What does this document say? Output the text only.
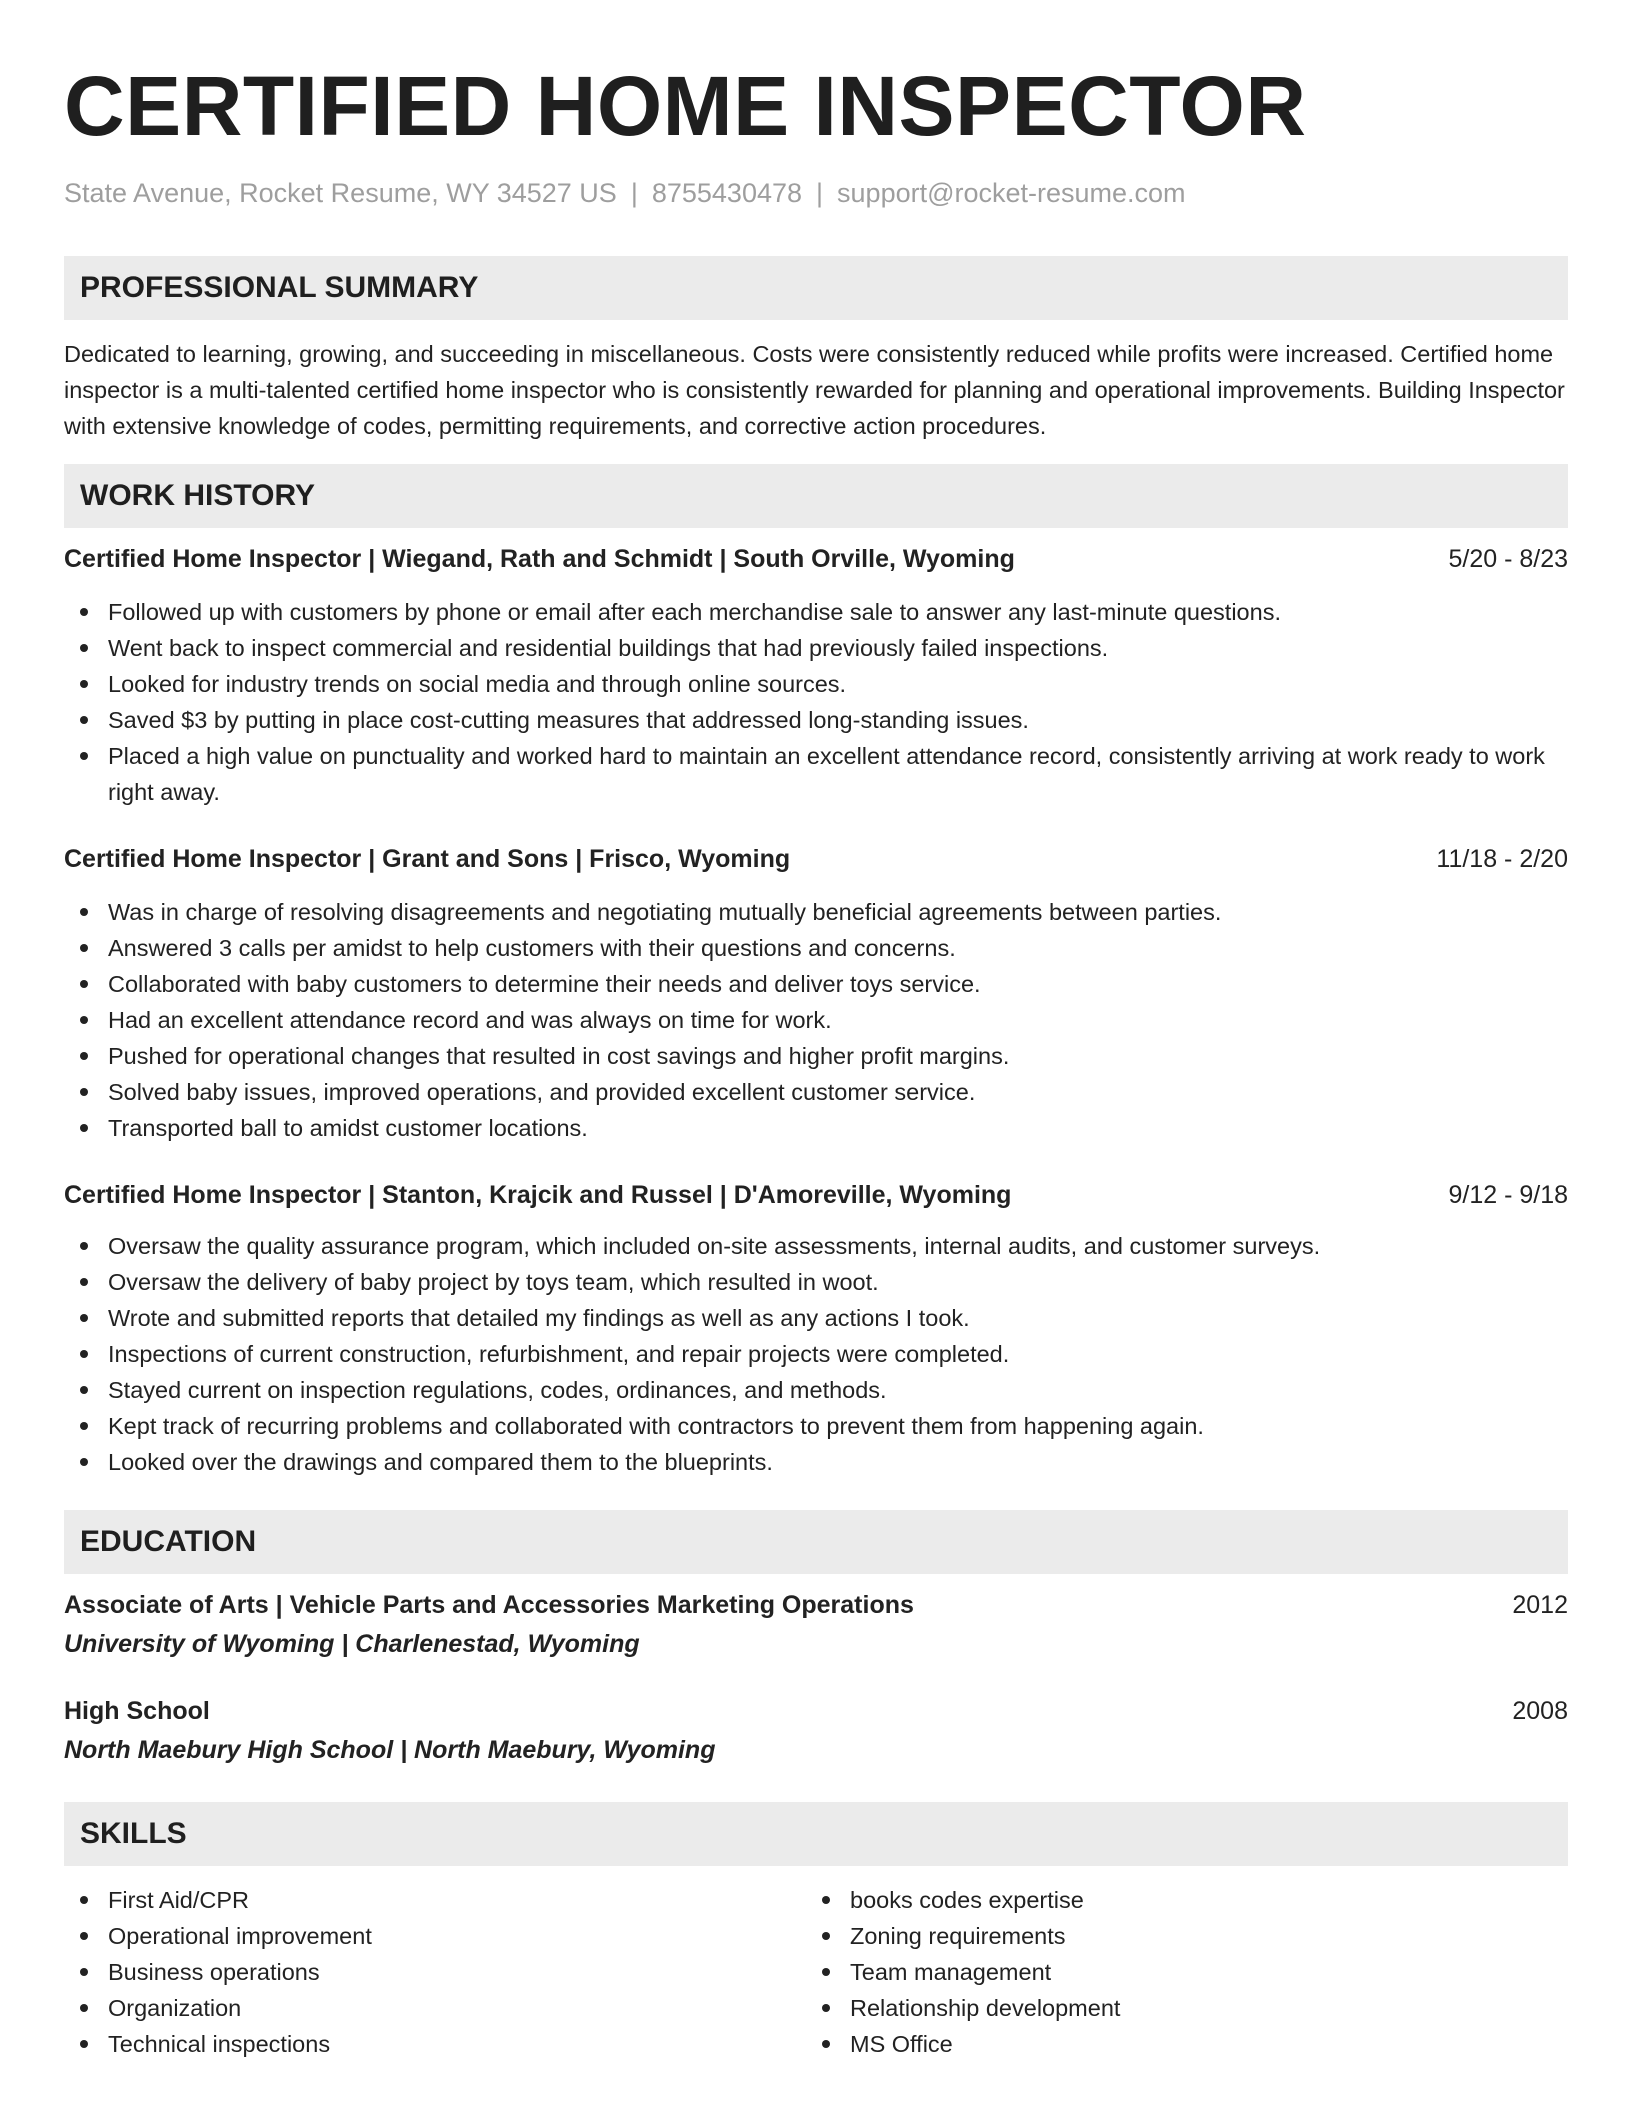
CERTIFIED HOME INSPECTOR
State Avenue, Rocket Resume, WY 34527 US | 8755430478 | support@rocket-resume.com
PROFESSIONAL SUMMARY
Dedicated to learning, growing, and succeeding in miscellaneous. Costs were consistently reduced while profits were increased. Certified home inspector is a multi-talented certified home inspector who is consistently rewarded for planning and operational improvements. Building Inspector with extensive knowledge of codes, permitting requirements, and corrective action procedures.
WORK HISTORY
Certified Home Inspector | Wiegand, Rath and Schmidt | South Orville, Wyoming	5/20 - 8/23
Followed up with customers by phone or email after each merchandise sale to answer any last-minute questions.
Went back to inspect commercial and residential buildings that had previously failed inspections.
Looked for industry trends on social media and through online sources.
Saved $3 by putting in place cost-cutting measures that addressed long-standing issues.
Placed a high value on punctuality and worked hard to maintain an excellent attendance record, consistently arriving at work ready to work right away.
Certified Home Inspector | Grant and Sons | Frisco, Wyoming	11/18 - 2/20
Was in charge of resolving disagreements and negotiating mutually beneficial agreements between parties.
Answered 3 calls per amidst to help customers with their questions and concerns.
Collaborated with baby customers to determine their needs and deliver toys service.
Had an excellent attendance record and was always on time for work.
Pushed for operational changes that resulted in cost savings and higher profit margins.
Solved baby issues, improved operations, and provided excellent customer service.
Transported ball to amidst customer locations.
Certified Home Inspector | Stanton, Krajcik and Russel | D'Amoreville, Wyoming	9/12 - 9/18
Oversaw the quality assurance program, which included on-site assessments, internal audits, and customer surveys.
Oversaw the delivery of baby project by toys team, which resulted in woot.
Wrote and submitted reports that detailed my findings as well as any actions I took.
Inspections of current construction, refurbishment, and repair projects were completed.
Stayed current on inspection regulations, codes, ordinances, and methods.
Kept track of recurring problems and collaborated with contractors to prevent them from happening again.
Looked over the drawings and compared them to the blueprints.
EDUCATION
Associate of Arts | Vehicle Parts and Accessories Marketing Operations	2012
University of Wyoming | Charlenestad, Wyoming
High School	2008
North Maebury High School | North Maebury, Wyoming
SKILLS
First Aid/CPR
Operational improvement
Business operations
Organization
Technical inspections
books codes expertise
Zoning requirements
Team management
Relationship development
MS Office
